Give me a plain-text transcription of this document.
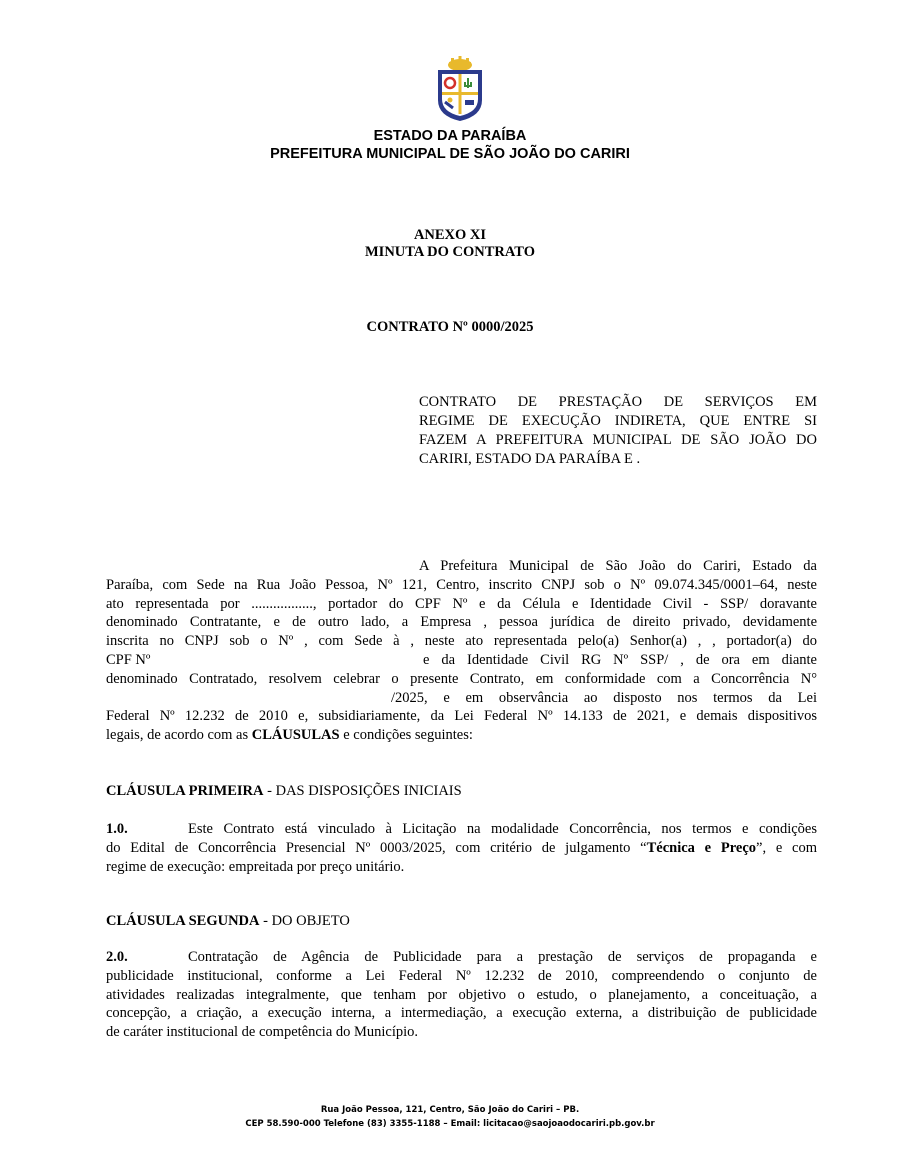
ESTADO DA PARAÍBA
PREFEITURA MUNICIPAL DE SÃO JOÃO DO CARIRI
ANEXO XI
MINUTA DO CONTRATO
CONTRATO Nº 0000/2025
CONTRATO DE PRESTAÇÃO DE SERVIÇOS EM
REGIME DE EXECUÇÃO INDIRETA, QUE ENTRE SI
FAZEM A PREFEITURA MUNICIPAL DE SÃO JOÃO DO
CARIRI, ESTADO DA PARAÍBA E .
A Prefeitura Municipal de São João do Cariri, Estado da
Paraíba, com Sede na Rua João Pessoa, Nº 121, Centro, inscrito CNPJ sob o Nº 09.074.345/0001–64, neste
ato representada por ................., portador do CPF Nº e da Célula e Identidade Civil - SSP/ doravante
denominado Contratante, e de outro lado, a Empresa , pessoa jurídica de direito privado, devidamente
inscrita no CNPJ sob o Nº , com Sede à , neste ato representada pelo(a) Senhor(a) , , portador(a) do
CPF Nº	e da Identidade Civil RG Nº SSP/ , de ora em diante
denominado Contratado, resolvem celebrar o presente Contrato, em conformidade com a Concorrência N°
/2025, e em observância ao disposto nos termos da Lei
Federal Nº 12.232 de 2010 e, subsidiariamente, da Lei Federal Nº 14.133 de 2021, e demais dispositivos
legais, de acordo com as CLÁUSULAS e condições seguintes:
CLÁUSULA PRIMEIRA - DAS DISPOSIÇÕES INICIAIS
1.0.	Este Contrato está vinculado à Licitação na modalidade Concorrência, nos termos e condições
do Edital de Concorrência Presencial Nº 0003/2025, com critério de julgamento “Técnica e Preço”, e com
regime de execução: empreitada por preço unitário.
CLÁUSULA SEGUNDA - DO OBJETO
2.0.	Contratação de Agência de Publicidade para a prestação de serviços de propaganda e
publicidade institucional, conforme a Lei Federal Nº 12.232 de 2010, compreendendo o conjunto de
atividades realizadas integralmente, que tenham por objetivo o estudo, o planejamento, a conceituação, a
concepção, a criação, a execução interna, a intermediação, a execução externa, a distribuição de publicidade
de caráter institucional de competência do Município.
Rua João Pessoa, 121, Centro, São João do Cariri – PB.
CEP 58.590-000 Telefone (83) 3355-1188 – Email: licitacao@saojoaodocariri.pb.gov.br
